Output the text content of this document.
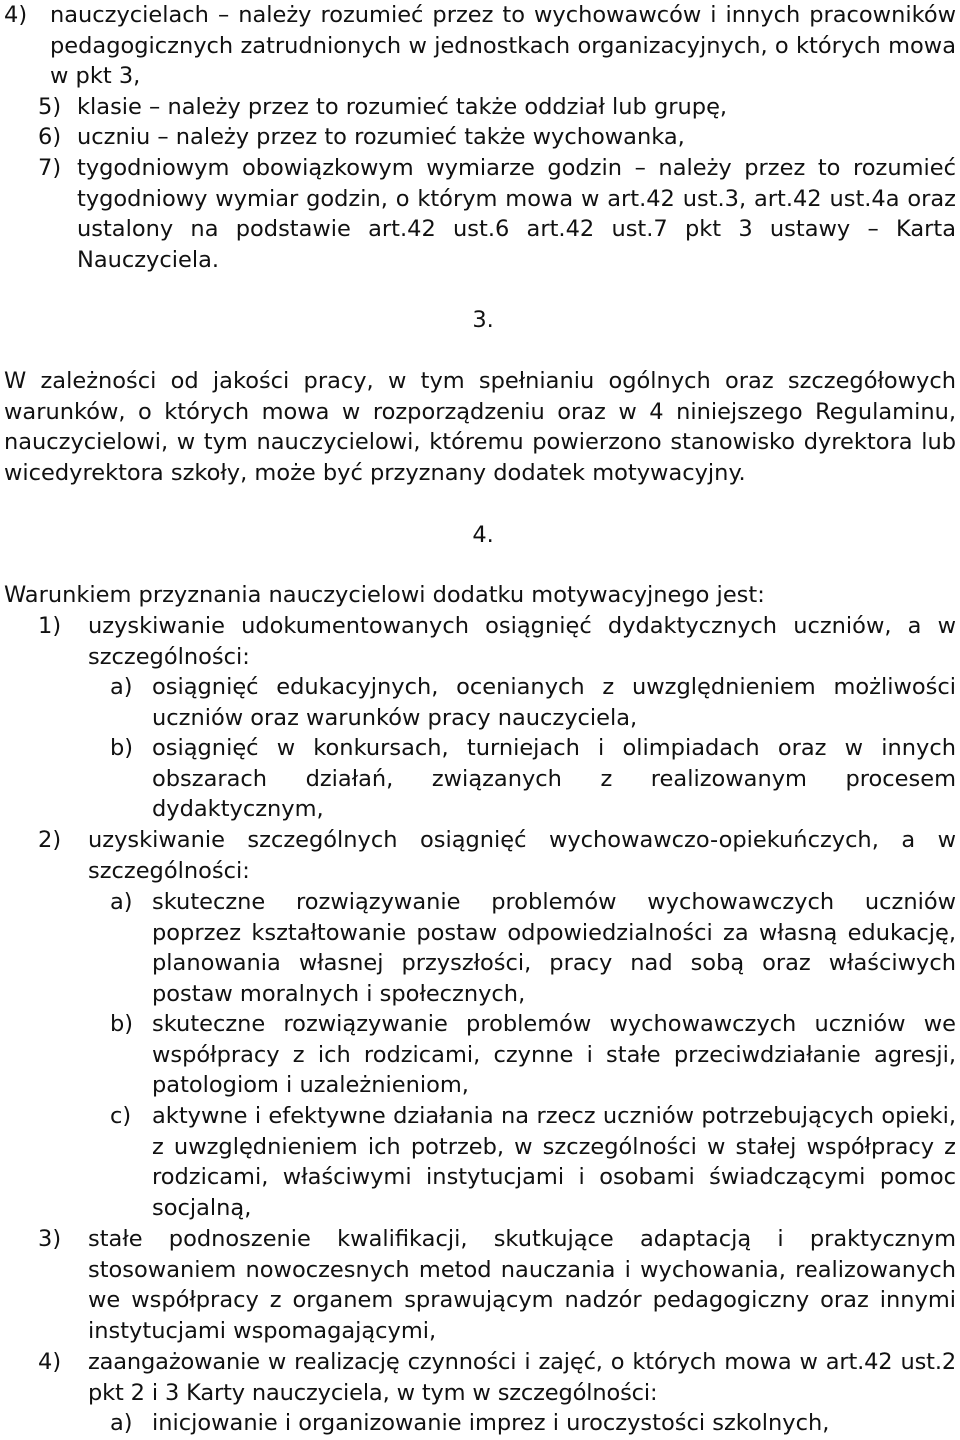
4) nauczycielach – należy rozumieć przez to wychowawców i innych pracowników pedagogicznych zatrudnionych w jednostkach organizacyjnych, o których mowa w pkt 3,
5) klasie – należy przez to rozumieć także oddział lub grupę,
6) uczniu – należy przez to rozumieć także wychowanka,
7) tygodniowym obowiązkowym wymiarze godzin – należy przez to rozumieć tygodniowy wymiar godzin, o którym mowa w art.42 ust.3, art.42 ust.4a oraz ustalony na podstawie art.42 ust.6 art.42 ust.7 pkt 3 ustawy – Karta Nauczyciela.
3.
W zależności od jakości pracy, w tym spełnianiu ogólnych oraz szczegółowych warunków, o których mowa w rozporządzeniu oraz w 4 niniejszego Regulaminu, nauczycielowi, w tym nauczycielowi, któremu powierzono stanowisko dyrektora lub wicedyrektora szkoły, może być przyznany dodatek motywacyjny.
4.
Warunkiem przyznania nauczycielowi dodatku motywacyjnego jest:
1) uzyskiwanie udokumentowanych osiągnięć dydaktycznych uczniów, a w szczególności:
a) osiągnięć edukacyjnych, ocenianych z uwzględnieniem możliwości uczniów oraz warunków pracy nauczyciela,
b) osiągnięć w konkursach, turniejach i olimpiadach oraz w innych obszarach działań, związanych z realizowanym procesem dydaktycznym,
2) uzyskiwanie szczególnych osiągnięć wychowawczo-opiekuńczych, a w szczególności:
a) skuteczne rozwiązywanie problemów wychowawczych uczniów poprzez kształtowanie postaw odpowiedzialności za własną edukację, planowania własnej przyszłości, pracy nad sobą oraz właściwych postaw moralnych i społecznych,
b) skuteczne rozwiązywanie problemów wychowawczych uczniów we współpracy z ich rodzicami, czynne i stałe przeciwdziałanie agresji, patologiom i uzależnieniom,
c) aktywne i efektywne działania na rzecz uczniów potrzebujących opieki, z uwzględnieniem ich potrzeb, w szczególności w stałej współpracy z rodzicami, właściwymi instytucjami i osobami świadczącymi pomoc socjalną,
3) stałe podnoszenie kwalifikacji, skutkujące adaptacją i praktycznym stosowaniem nowoczesnych metod nauczania i wychowania, realizowanych we współpracy z organem sprawującym nadzór pedagogiczny oraz innymi instytucjami wspomagającymi,
4) zaangażowanie w realizację czynności i zajęć, o których mowa w art.42 ust.2 pkt 2 i 3 Karty nauczyciela, w tym w szczególności:
a) inicjowanie i organizowanie imprez i uroczystości szkolnych,
